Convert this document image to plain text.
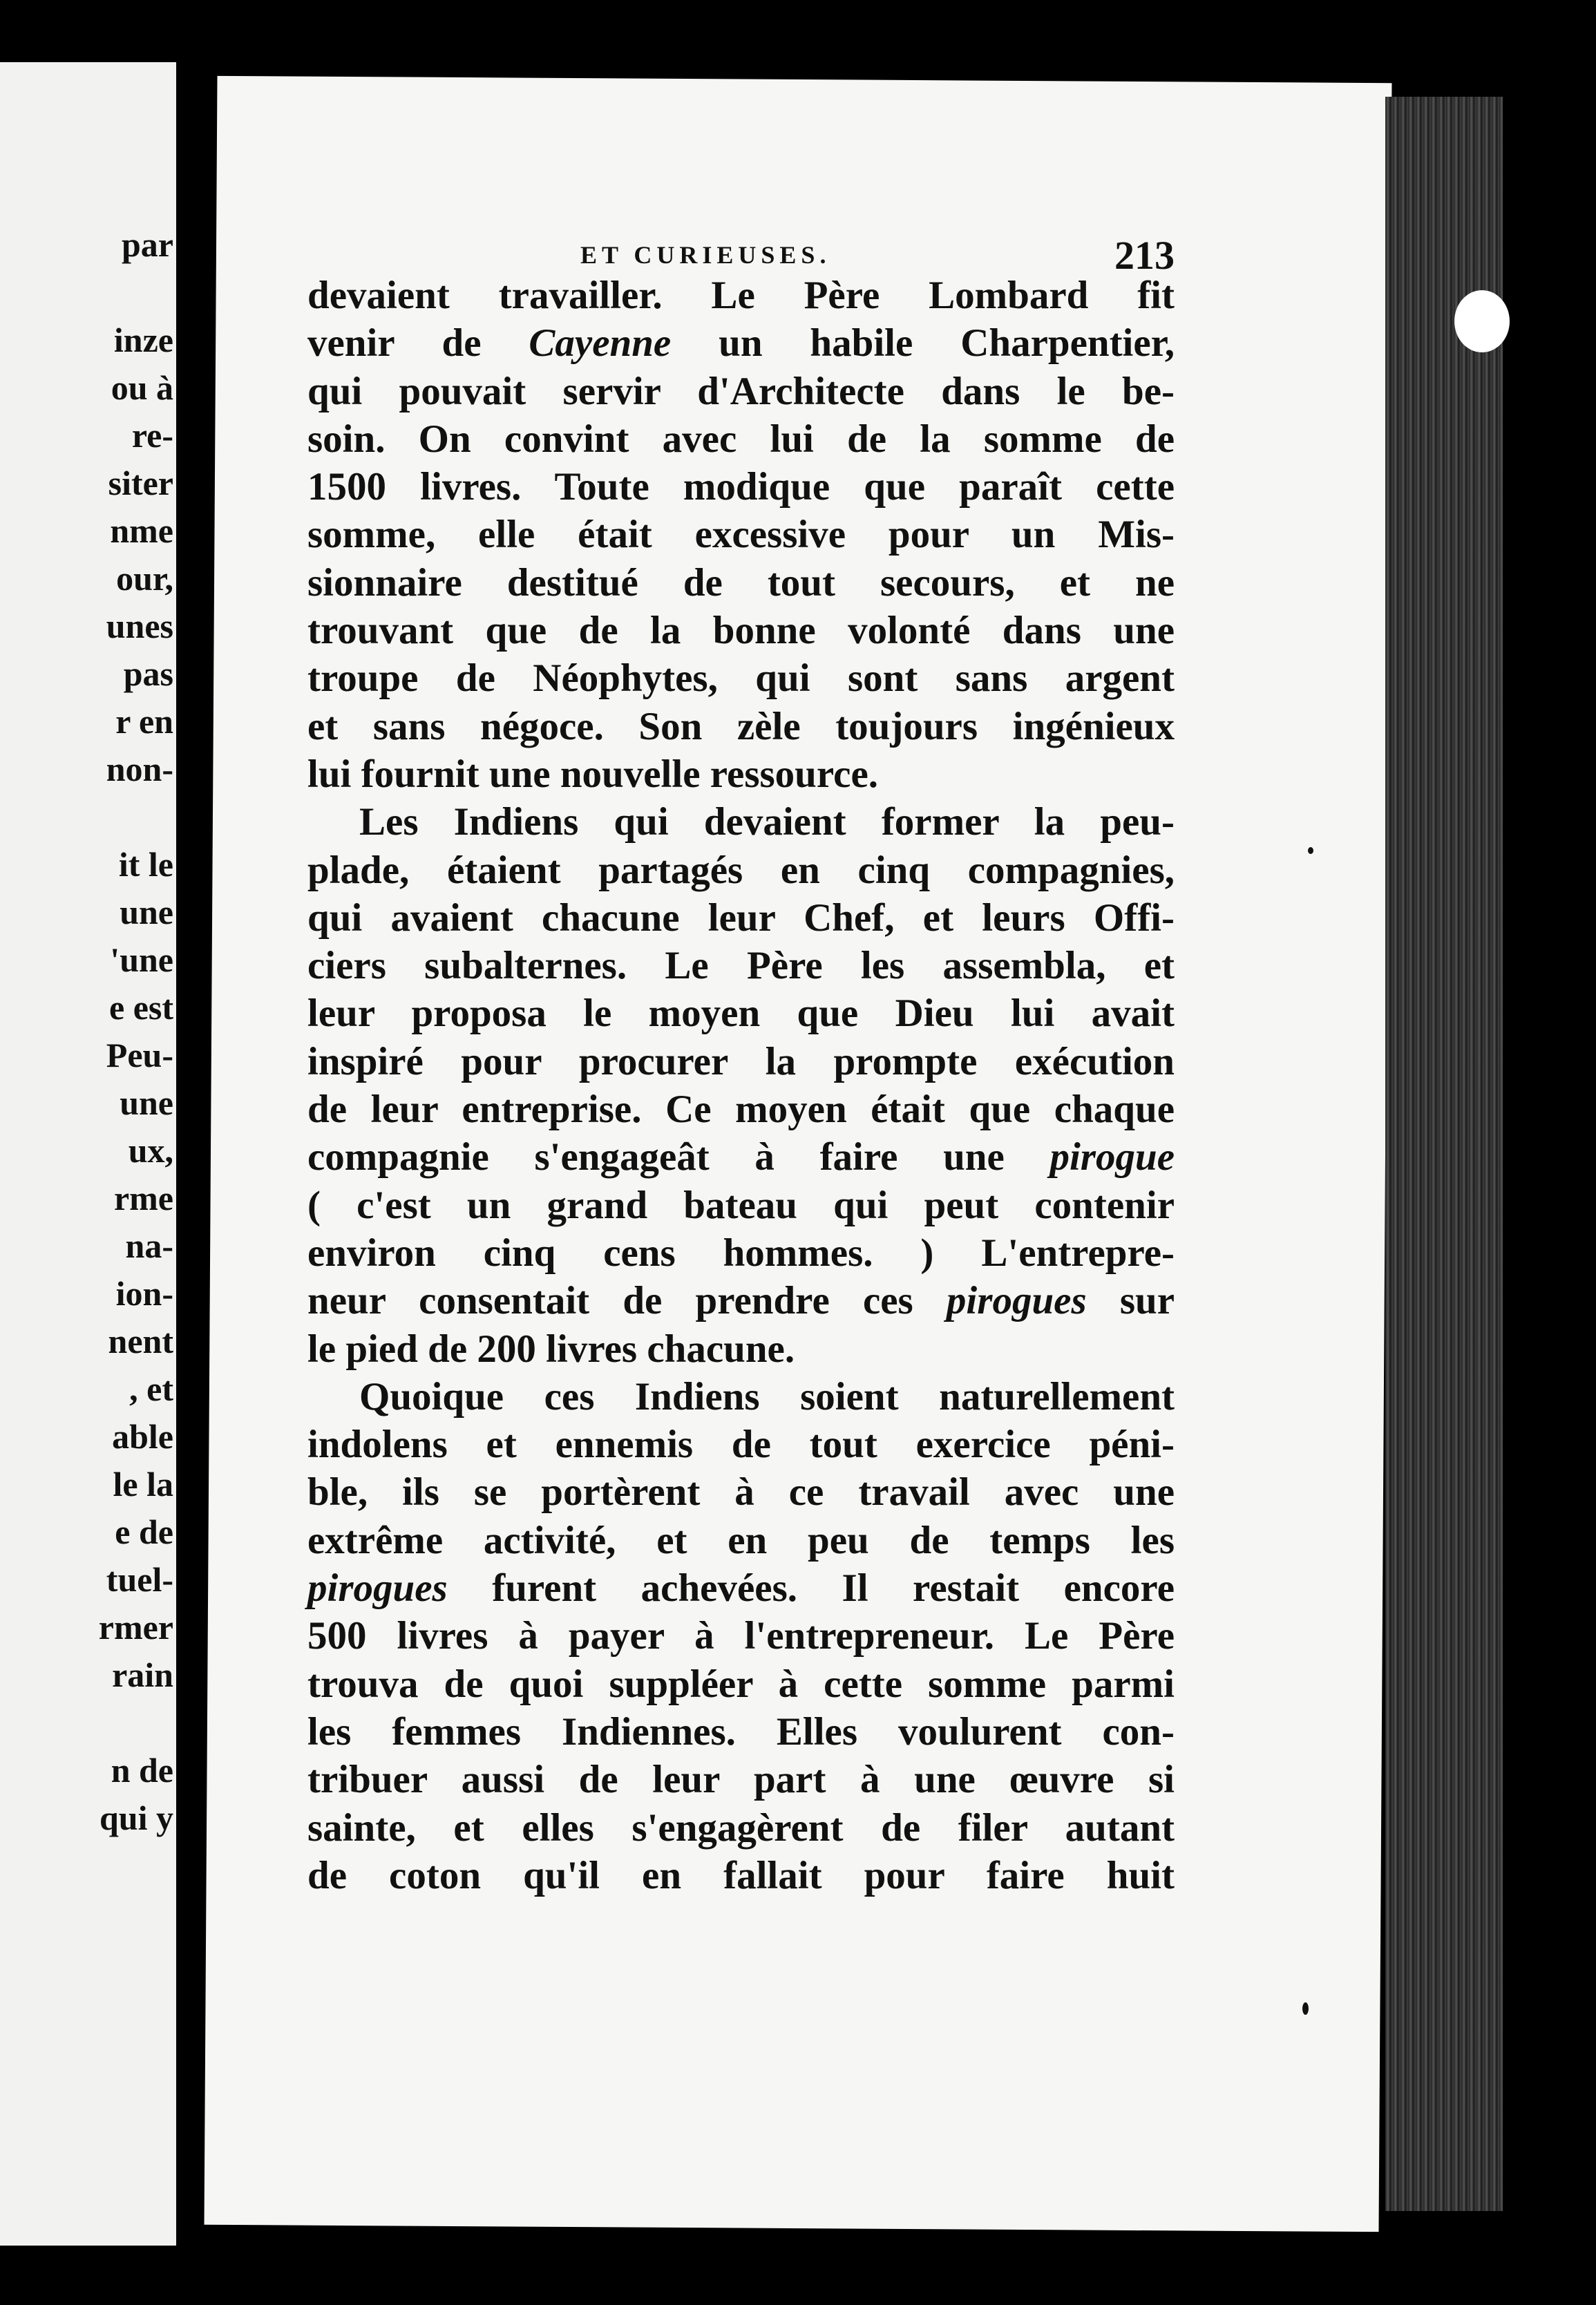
par
inze
ou à
re-
siter
nme
our,
unes
pas
r en
non-
it le
une
'une
e est
Peu-
une
ux,
rme
na-
ion-
nent
, et
able
le la
e de
tuel-
rmer
rain
n de
qui y
ET CURIEUSES.	213
devaient travailler. Le Père Lombard fit
venir de Cayenne un habile Charpentier,
qui pouvait servir d'Architecte dans le be-
soin. On convint avec lui de la somme de
1500 livres. Toute modique que paraît cette
somme, elle était excessive pour un Mis-
sionnaire destitué de tout secours, et ne
trouvant que de la bonne volonté dans une
troupe de Néophytes, qui sont sans argent
et sans négoce. Son zèle toujours ingénieux
lui fournit une nouvelle ressource.
Les Indiens qui devaient former la peu-
plade, étaient partagés en cinq compagnies,
qui avaient chacune leur Chef, et leurs Offi-
ciers subalternes. Le Père les assembla, et
leur proposa le moyen que Dieu lui avait
inspiré pour procurer la prompte exécution
de leur entreprise. Ce moyen était que chaque
compagnie s'engageât à faire une pirogue
( c'est un grand bateau qui peut contenir
environ cinq cens hommes. ) L'entrepre-
neur consentait de prendre ces pirogues sur
le pied de 200 livres chacune.
Quoique ces Indiens soient naturellement
indolens et ennemis de tout exercice péni-
ble, ils se portèrent à ce travail avec une
extrême activité, et en peu de temps les
pirogues furent achevées. Il restait encore
500 livres à payer à l'entrepreneur. Le Père
trouva de quoi suppléer à cette somme parmi
les femmes Indiennes. Elles voulurent con-
tribuer aussi de leur part à une œuvre si
sainte, et elles s'engagèrent de filer autant
de coton qu'il en fallait pour faire huit
